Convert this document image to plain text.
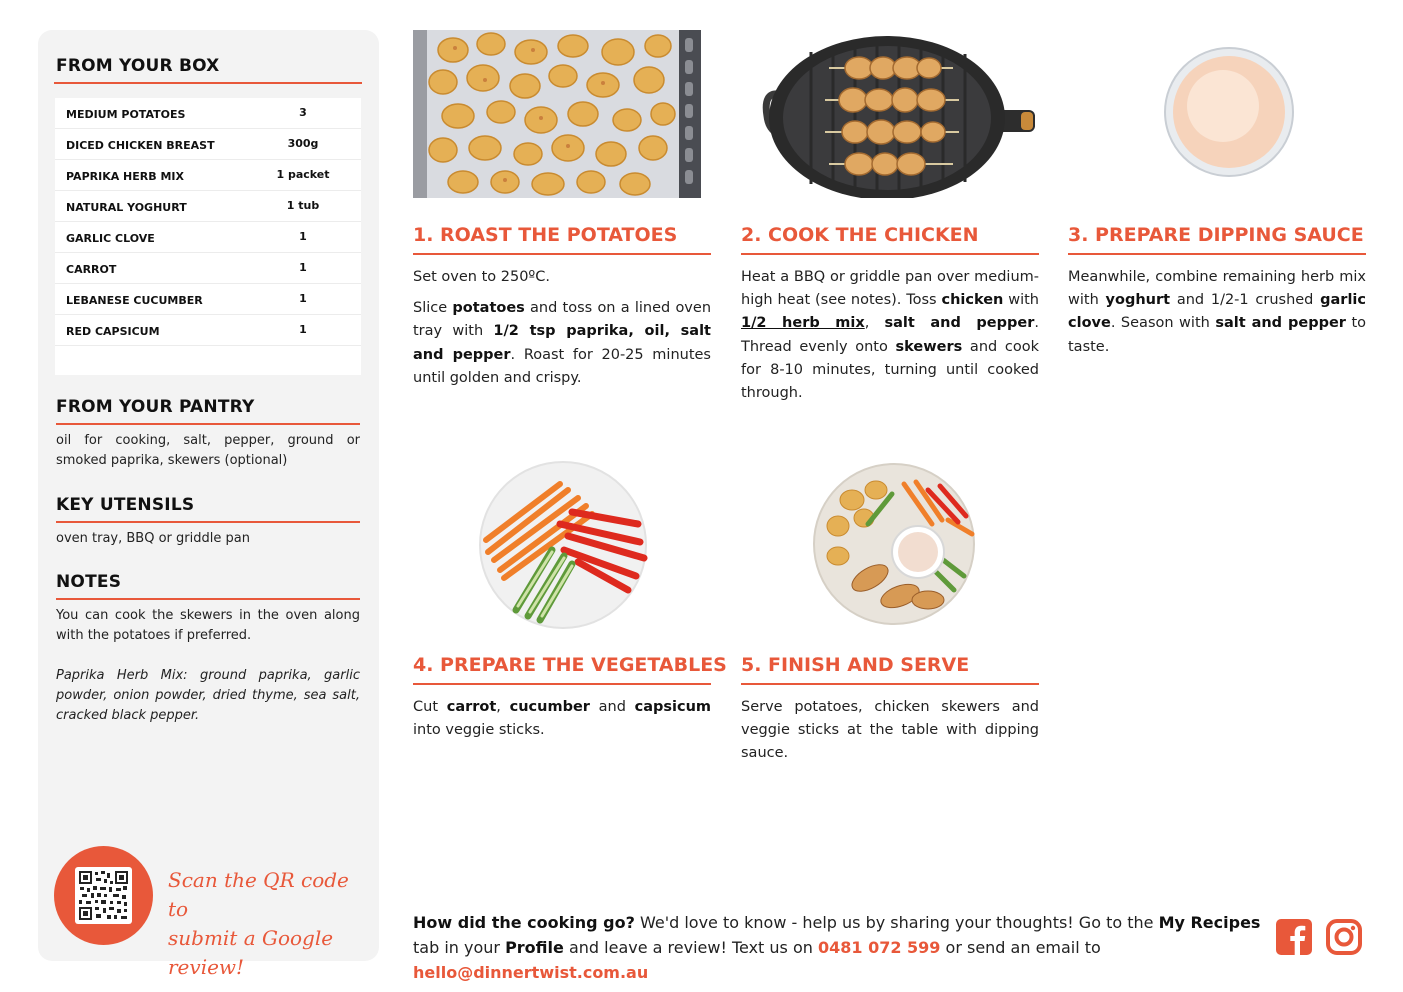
FROM YOUR BOX
MEDIUM POTATOES	3
DICED CHICKEN BREAST	300g
PAPRIKA HERB MIX	1 packet
NATURAL YOGHURT	1 tub
GARLIC CLOVE	1
CARROT	1
LEBANESE CUCUMBER	1
RED CAPSICUM	1
FROM YOUR PANTRY
oil for cooking, salt, pepper, ground or smoked paprika, skewers (optional)
KEY UTENSILS
oven tray, BBQ or griddle pan
NOTES
You can cook the skewers in the oven along with the potatoes if preferred.
Paprika Herb Mix: ground paprika, garlic powder, onion powder, dried thyme, sea salt, cracked black pepper.
Scan the QR code to
submit a Google review!
1. ROAST THE POTATOES

Set oven to 250ºC.

Slice potatoes and toss on a lined oven tray with 1/2 tsp paprika, oil, salt and pepper. Roast for 20-25 minutes until golden and crispy.

2. COOK THE CHICKEN

Heat a BBQ or griddle pan over medium-high heat (see notes). Toss chicken with 1/2 herb mix, salt and pepper. Thread evenly onto skewers and cook for 8-10 minutes, turning until cooked through.

3. PREPARE DIPPING SAUCE

Meanwhile, combine remaining herb mix with yoghurt and 1/2-1 crushed garlic clove. Season with salt and pepper to taste.

4. PREPARE THE VEGETABLES

Cut carrot, cucumber and capsicum into veggie sticks.

5. FINISH AND SERVE

Serve potatoes, chicken skewers and veggie sticks at the table with dipping sauce.

How did the cooking go? We'd love to know - help us by sharing your thoughts! Go to the My Recipes tab in your Profile and leave a review! Text us on 0481 072 599 or send an email to hello@dinnertwist.com.au
